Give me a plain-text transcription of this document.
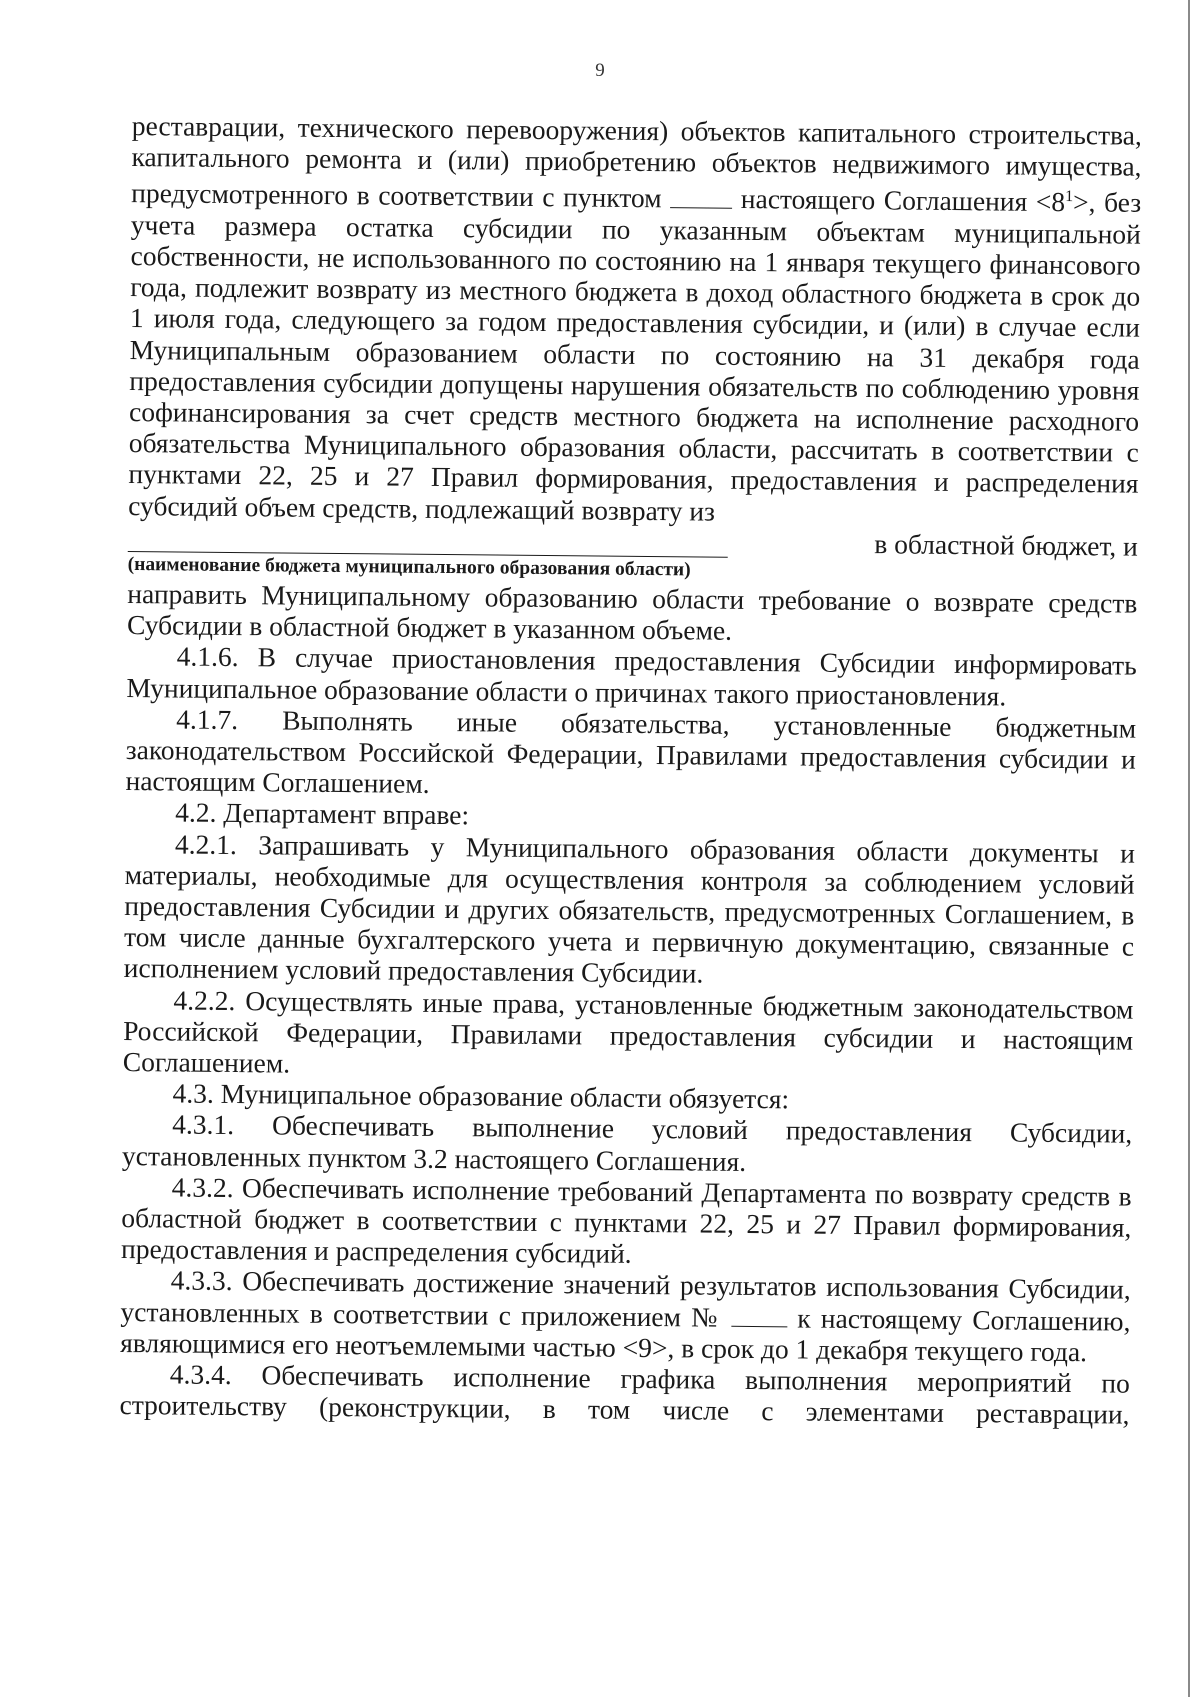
9

реставрации, технического перевооружения) объектов капитального строительства, капитального ремонта и (или) приобретению объектов недвижимого имущества, предусмотренного в соответствии с пунктом	настоящего Соглашения $<8^1>$, без учета размера остатка субсидии по указанным объектам муниципальной собственности, не использованного по состоянию на 1 января текущего финансового года, подлежит возврату из местного бюджета в доход областного бюджета в срок до 1 июля года, следующего за годом предоставления субсидии, и (или) в случае если Муниципальным образованием области по состоянию на 31 декабря года предоставления субсидии допущены нарушения обязательств по соблюдению уровня софинансирования за счет средств местного бюджета на исполнение расходного обязательства Муниципального образования области, рассчитать в соответствии с пунктами 22, 25 и 27 Правил формирования, предоставления и распределения субсидий объем средств, подлежащий возврату из

в областной бюджет, и
(наименование бюджета муниципального образования области)

направить Муниципальному образованию области требование о возврате средств Субсидии в областной бюджет в указанном объеме.

4.1.6. В случае приостановления предоставления Субсидии информировать Муниципальное образование области о причинах такого приостановления.

4.1.7. Выполнять иные обязательства, установленные бюджетным законодательством Российской Федерации, Правилами предоставления субсидии и настоящим Соглашением.

4.2. Департамент вправе:

4.2.1. Запрашивать у Муниципального образования области документы и материалы, необходимые для осуществления контроля за соблюдением условий предоставления Субсидии и других обязательств, предусмотренных Соглашением, в том числе данные бухгалтерского учета и первичную документацию, связанные с исполнением условий предоставления Субсидии.

4.2.2. Осуществлять иные права, установленные бюджетным законодательством Российской Федерации, Правилами предоставления субсидии и настоящим Соглашением.

4.3. Муниципальное образование области обязуется:

4.3.1. Обеспечивать выполнение условий предоставления Субсидии, установленных пунктом 3.2 настоящего Соглашения.

4.3.2. Обеспечивать исполнение требований Департамента по возврату средств в областной бюджет в соответствии с пунктами 22, 25 и 27 Правил формирования, предоставления и распределения субсидий.

4.3.3. Обеспечивать достижение значений результатов использования Субсидии, установленных в соответствии с приложением №	к настоящему Соглашению, являющимися его неотъемлемыми частью <9>, в срок до 1 декабря текущего года.

4.3.4. Обеспечивать исполнение графика выполнения мероприятий по строительству (реконструкции, в том числе с элементами реставрации,
